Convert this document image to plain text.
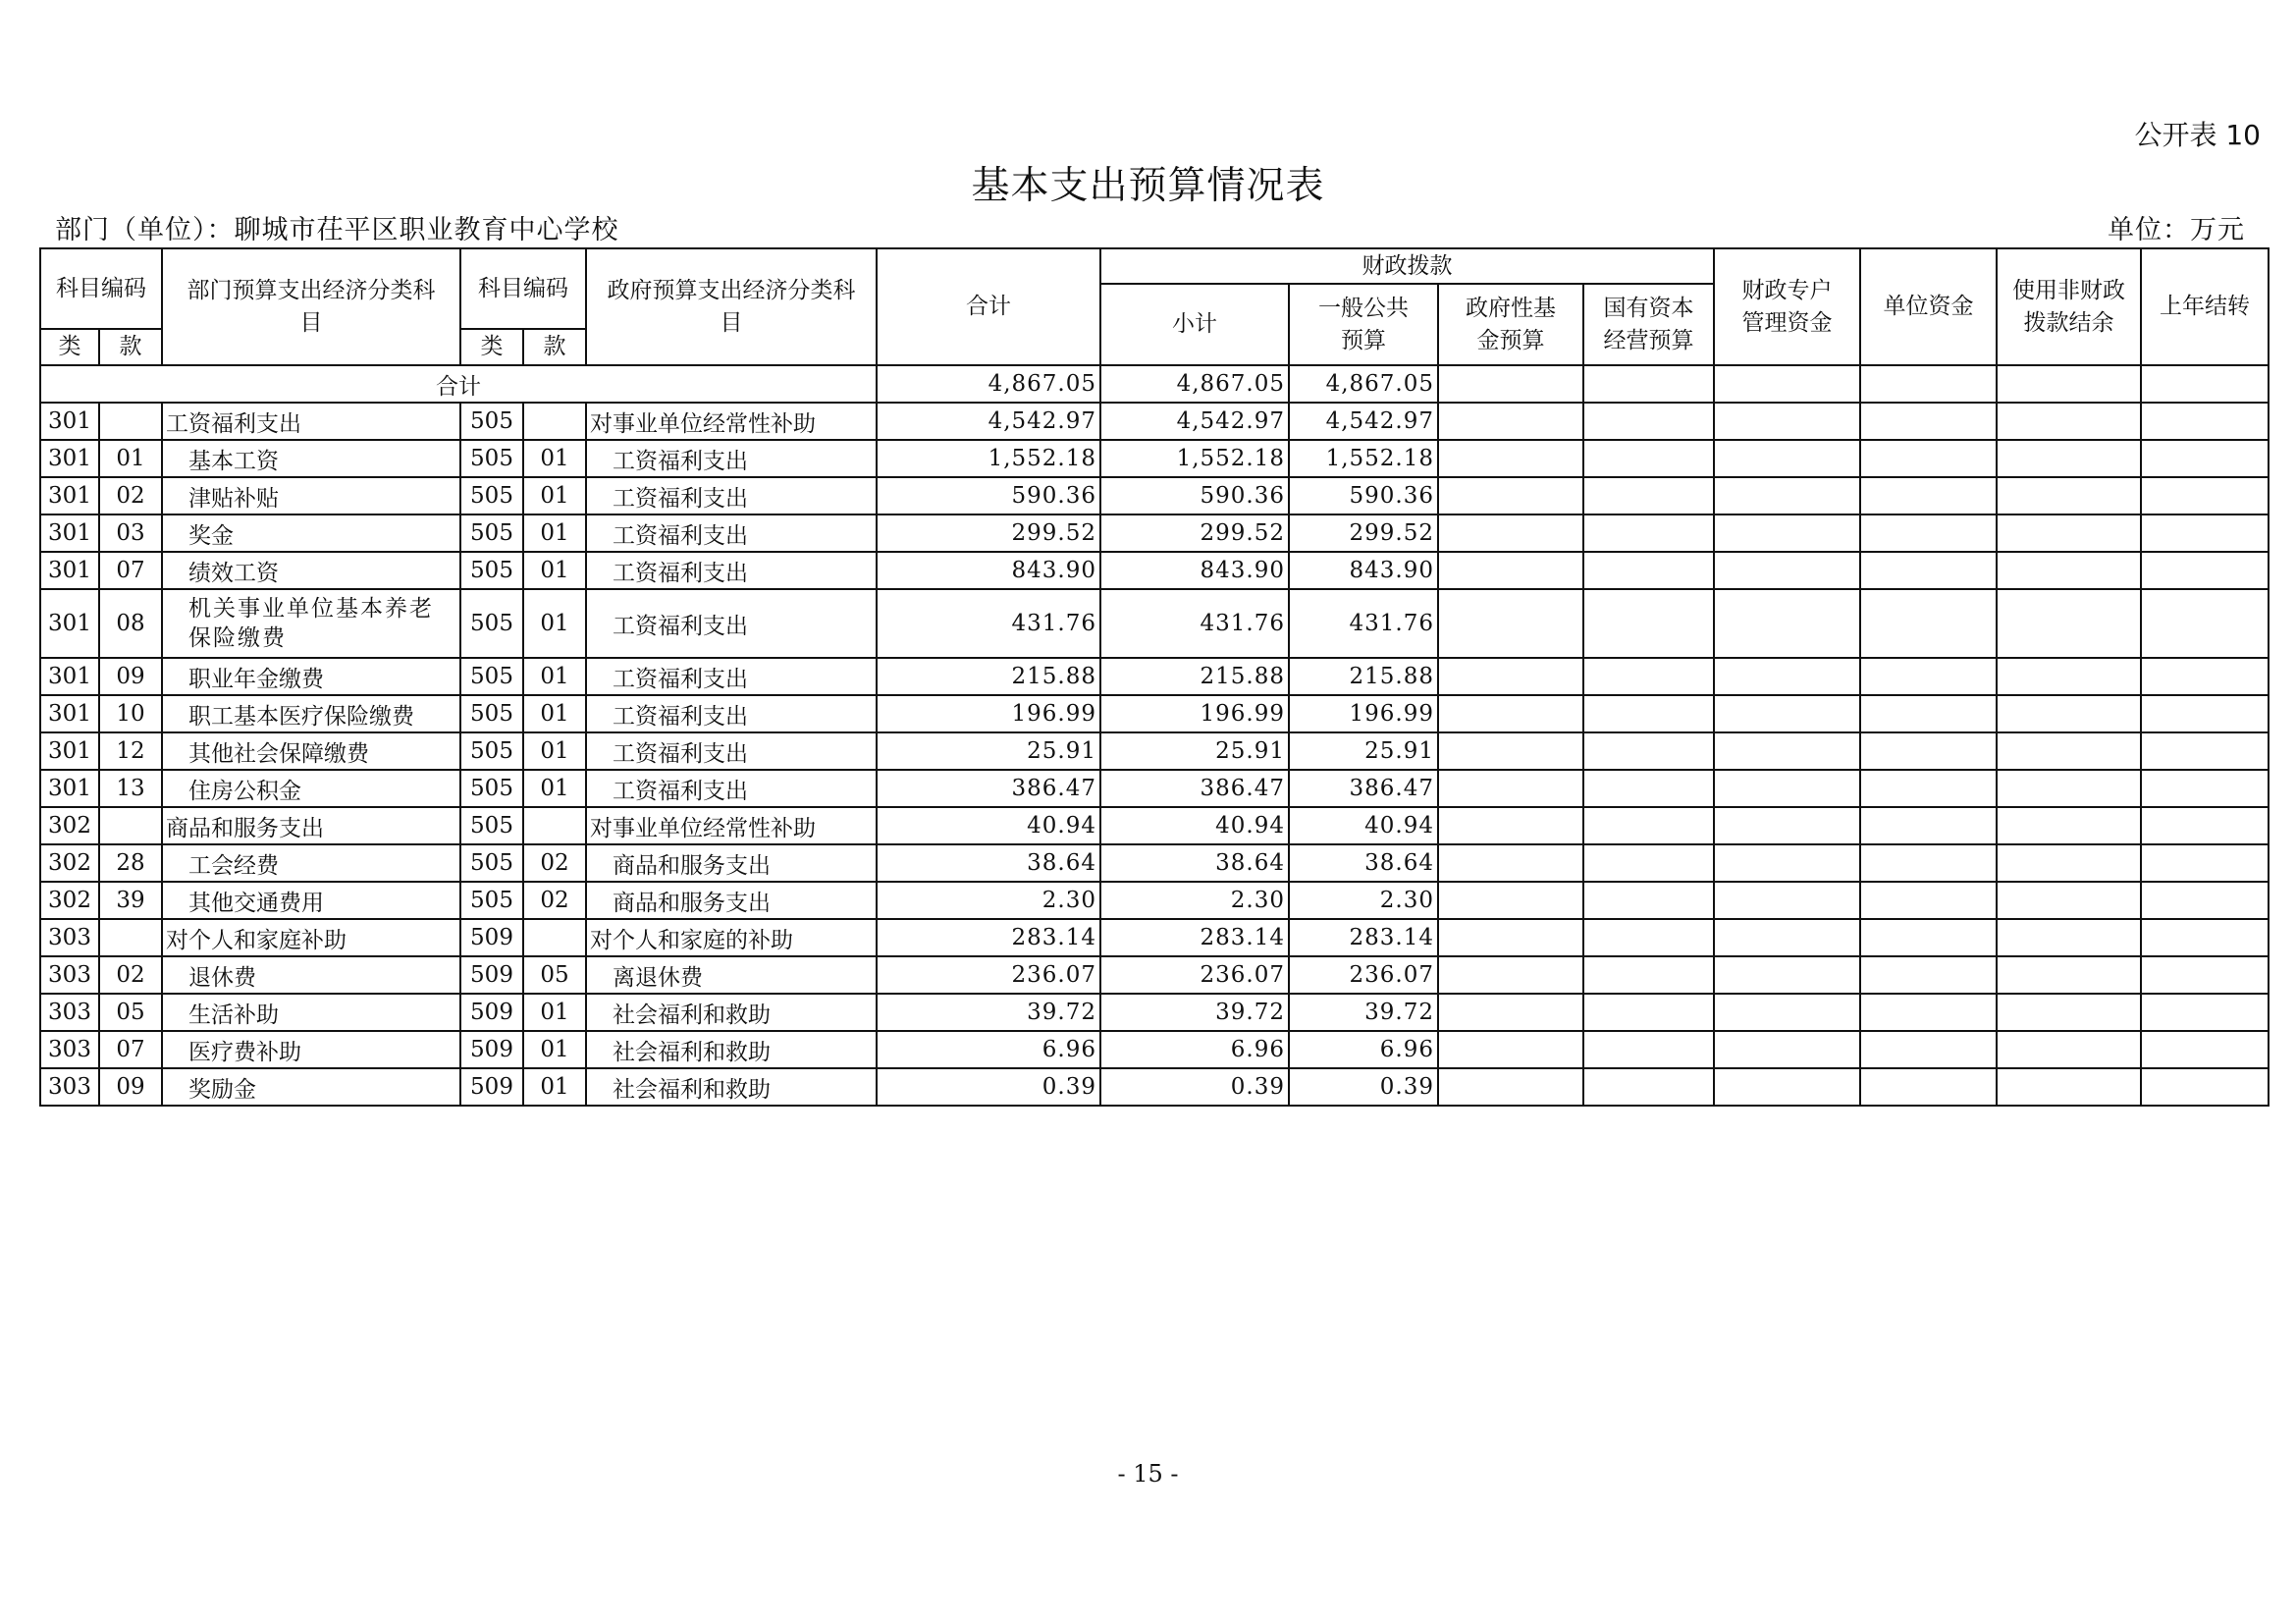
公开表 10
基本支出预算情况表
部门（单位）：聊城市茌平区职业教育中心学校	单位：万元
科目编码		部门预算支出经济分类科目	科目编码		政府预算支出经济分类科目	合计	财政拨款				财政专户管理资金	单位资金	使用非财政拨款结余	上年结转
							小计	一般公共预算	政府性基金预算	国有资本经营预算				

类	款		类	款										
合计						4,867.05	4,867.05	4,867.05						
301		工资福利支出	505		对事业单位经常性补助	4,542.97	4,542.97	4,542.97						
301	01	基本工资	505	01	工资福利支出	1,552.18	1,552.18	1,552.18						
301	02	津贴补贴	505	01	工资福利支出	590.36	590.36	590.36						
301	03	奖金	505	01	工资福利支出	299.52	299.52	299.52						
301	07	绩效工资	505	01	工资福利支出	843.90	843.90	843.90						
301	08	机关事业单位基本养老保险缴费	505	01	工资福利支出	431.76	431.76	431.76						
301	09	职业年金缴费	505	01	工资福利支出	215.88	215.88	215.88						
301	10	职工基本医疗保险缴费	505	01	工资福利支出	196.99	196.99	196.99						
301	12	其他社会保障缴费	505	01	工资福利支出	25.91	25.91	25.91						
301	13	住房公积金	505	01	工资福利支出	386.47	386.47	386.47						
302		商品和服务支出	505		对事业单位经常性补助	40.94	40.94	40.94						
302	28	工会经费	505	02	商品和服务支出	38.64	38.64	38.64						
302	39	其他交通费用	505	02	商品和服务支出	2.30	2.30	2.30						
303		对个人和家庭补助	509		对个人和家庭的补助	283.14	283.14	283.14						
303	02	退休费	509	05	离退休费	236.07	236.07	236.07						
303	05	生活补助	509	01	社会福利和救助	39.72	39.72	39.72						
303	07	医疗费补助	509	01	社会福利和救助	6.96	6.96	6.96						
303	09	奖励金	509	01	社会福利和救助	0.39	0.39	0.39						
- 15 -
